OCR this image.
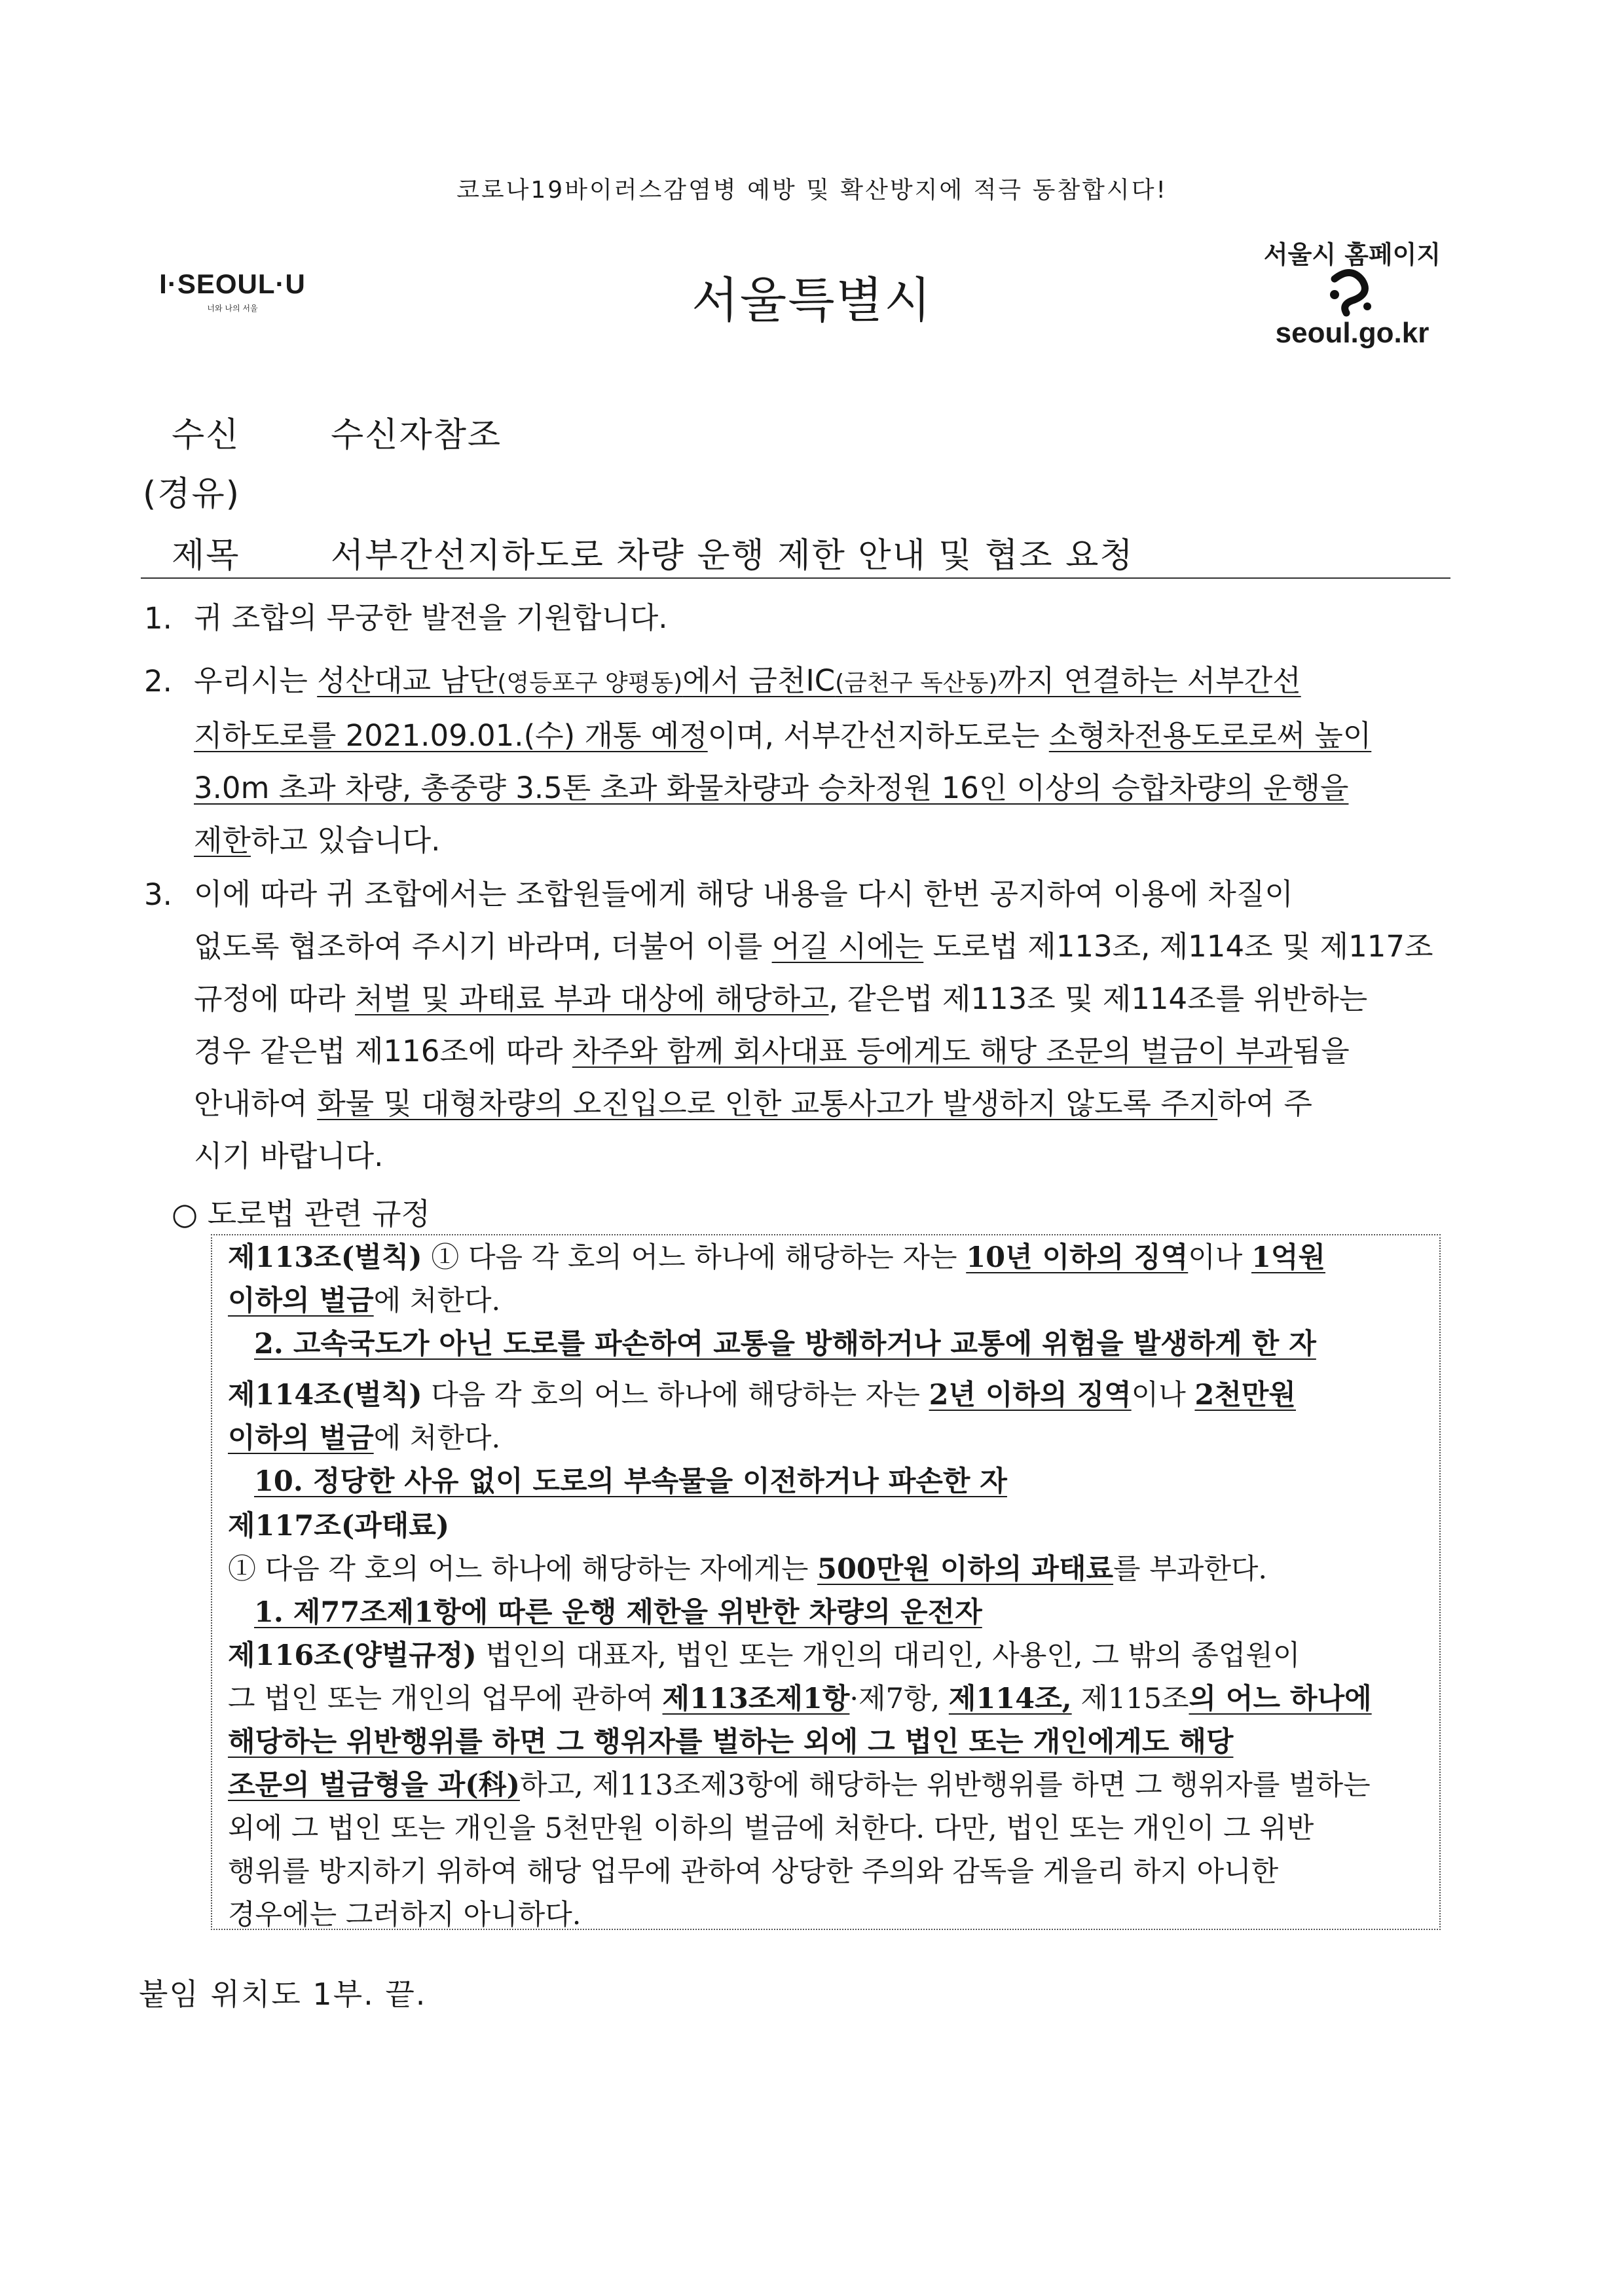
코로나19바이러스감염병 예방 및 확산방지에 적극 동참합시다!
I·SEOUL·U
너와 나의 서울	서울특별시
서울시 홈페이지
seoul.go.kr
수신	수신자참조
(경유)
제목	서부간선지하도로 차량 운행 제한 안내 및 협조 요청
1. 귀 조합의 무궁한 발전을 기원합니다.
2. 우리시는 성산대교 남단(영등포구 양평동)에서 금천IC(금천구 독산동)까지 연결하는 서부간선
지하도로를 2021.09.01.(수) 개통 예정이며, 서부간선지하도로는 소형차전용도로로써 높이
3.0m 초과 차량, 총중량 3.5톤 초과 화물차량과 승차정원 16인 이상의 승합차량의 운행을
제한하고 있습니다.
3. 이에 따라 귀 조합에서는 조합원들에게 해당 내용을 다시 한번 공지하여 이용에 차질이
없도록 협조하여 주시기 바라며, 더불어 이를 어길 시에는 도로법 제113조, 제114조 및 제117조
규정에 따라 처벌 및 과태료 부과 대상에 해당하고, 같은법 제113조 및 제114조를 위반하는
경우 같은법 제116조에 따라 차주와 함께 회사대표 등에게도 해당 조문의 벌금이 부과됨을
안내하여 화물 및 대형차량의 오진입으로 인한 교통사고가 발생하지 않도록 주지하여 주
시기 바랍니다.
○ 도로법 관련 규정
제113조(벌칙) ① 다음 각 호의 어느 하나에 해당하는 자는 10년 이하의 징역이나 1억원
이하의 벌금에 처한다.
2. 고속국도가 아닌 도로를 파손하여 교통을 방해하거나 교통에 위험을 발생하게 한 자
제114조(벌칙) 다음 각 호의 어느 하나에 해당하는 자는 2년 이하의 징역이나 2천만원
이하의 벌금에 처한다.
10. 정당한 사유 없이 도로의 부속물을 이전하거나 파손한 자
제117조(과태료)
① 다음 각 호의 어느 하나에 해당하는 자에게는 500만원 이하의 과태료를 부과한다.
1. 제77조제1항에 따른 운행 제한을 위반한 차량의 운전자
제116조(양벌규정) 법인의 대표자, 법인 또는 개인의 대리인, 사용인, 그 밖의 종업원이
그 법인 또는 개인의 업무에 관하여 제113조제1항·제7항, 제114조, 제115조의 어느 하나에
해당하는 위반행위를 하면 그 행위자를 벌하는 외에 그 법인 또는 개인에게도 해당
조문의 벌금형을 과(科)하고, 제113조제3항에 해당하는 위반행위를 하면 그 행위자를 벌하는
외에 그 법인 또는 개인을 5천만원 이하의 벌금에 처한다. 다만, 법인 또는 개인이 그 위반
행위를 방지하기 위하여 해당 업무에 관하여 상당한 주의와 감독을 게을리 하지 아니한
경우에는 그러하지 아니하다.
붙임 위치도 1부. 끝.
